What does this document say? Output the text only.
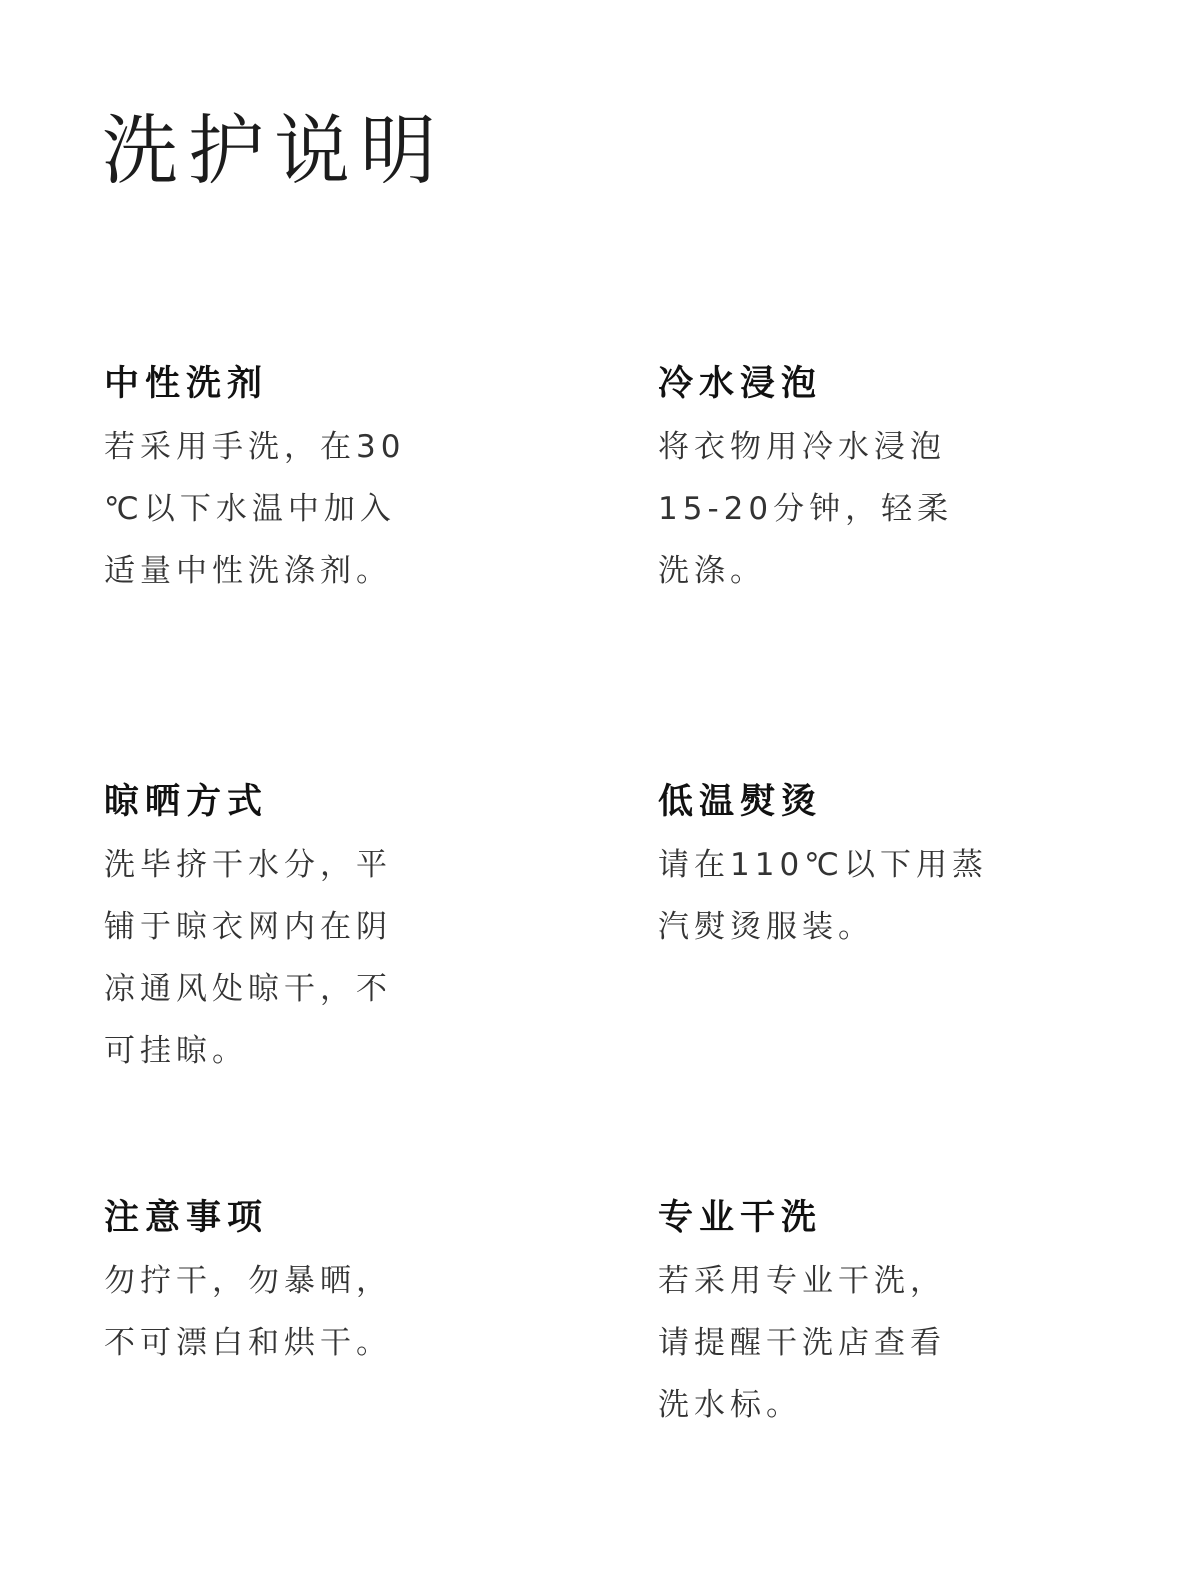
洗护说明
中性洗剂

若采用手洗，在30
℃以下水温中加入
适量中性洗涤剂。

冷水浸泡

将衣物用冷水浸泡
15-20分钟，轻柔
洗涤。

晾晒方式

洗毕挤干水分，平
铺于晾衣网内在阴
凉通风处晾干，不
可挂晾。

低温熨烫

请在110℃以下用蒸
汽熨烫服装。

注意事项

勿拧干，勿暴晒，
不可漂白和烘干。

专业干洗

若采用专业干洗，
请提醒干洗店查看
洗水标。
